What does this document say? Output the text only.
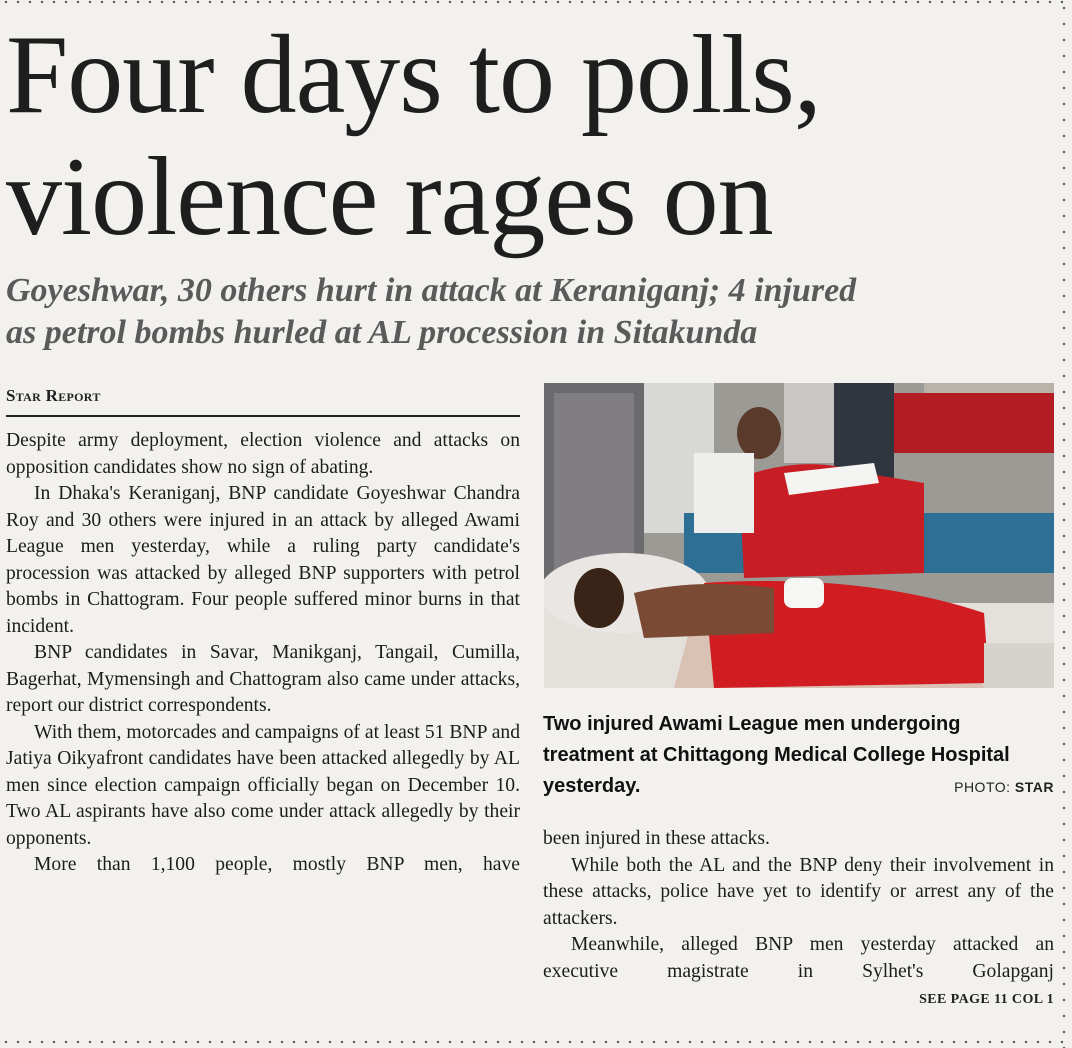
Four days to polls,
violence rages on
Goyeshwar, 30 others hurt in attack at Keraniganj; 4 injured
as petrol bombs hurled at AL procession in Sitakunda
Star Report

Despite army deployment, election violence and attacks on opposition candidates show no sign of abating.

In Dhaka's Keraniganj, BNP candidate Goyeshwar Chandra Roy and 30 others were injured in an attack by alleged Awami League men yesterday, while a ruling party candidate's procession was attacked by alleged BNP supporters with petrol bombs in Chattogram. Four people suffered minor burns in that incident.

BNP candidates in Savar, Manikganj, Tangail, Cumilla, Bagerhat, Mymensingh and Chattogram also came under attacks, report our district correspondents.

With them, motorcades and campaigns of at least 51 BNP and Jatiya Oikyafront candidates have been attacked allegedly by AL men since election campaign officially began on December 10. Two AL aspirants have also come under attack allegedly by their opponents.

More than 1,100 people, mostly BNP men, have

Two injured Awami League men undergoing treatment at Chittagong Medical College Hospital yesterday.	PHOTO: STAR

been injured in these attacks.

While both the AL and the BNP deny their involvement in these attacks, police have yet to identify or arrest any of the attackers.

Meanwhile, alleged BNP men yesterday attacked an executive magistrate in Sylhet's Golapganj

SEE PAGE 11 COL 1
